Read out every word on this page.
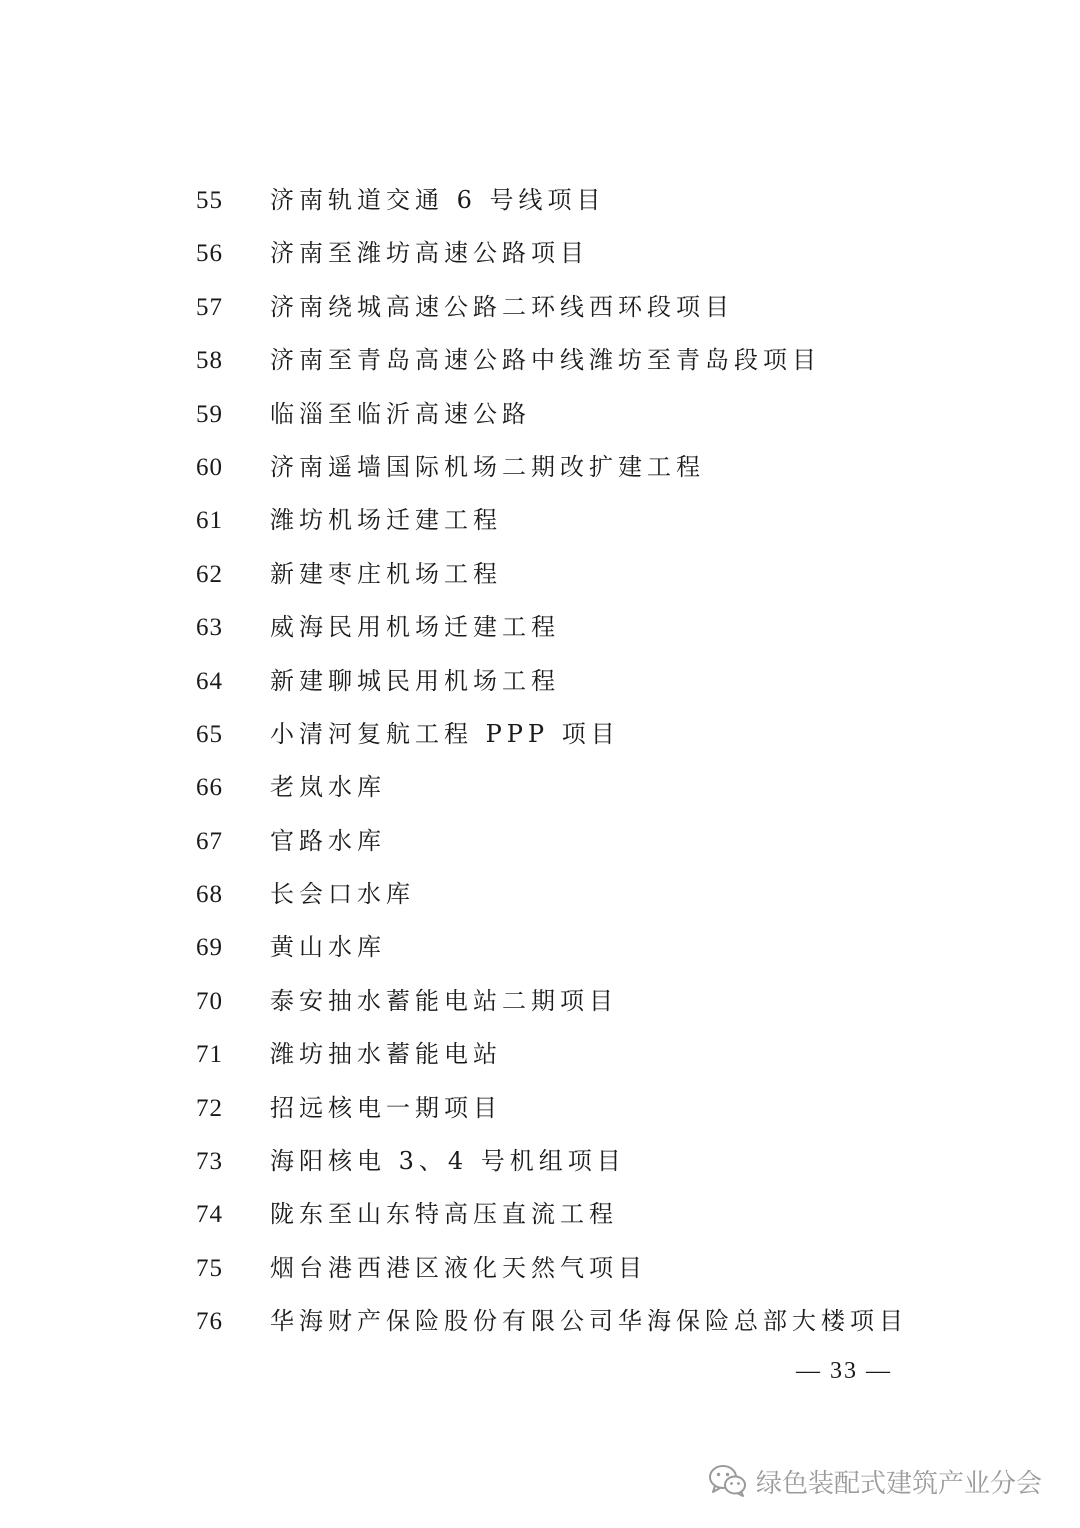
55 济南轨道交通 6 号线项目
56 济南至潍坊高速公路项目
57 济南绕城高速公路二环线西环段项目
58 济南至青岛高速公路中线潍坊至青岛段项目
59 临淄至临沂高速公路
60 济南遥墙国际机场二期改扩建工程
61 潍坊机场迁建工程
62 新建枣庄机场工程
63 威海民用机场迁建工程
64 新建聊城民用机场工程
65 小清河复航工程 PPP 项目
66 老岚水库
67 官路水库
68 长会口水库
69 黄山水库
70 泰安抽水蓄能电站二期项目
71 潍坊抽水蓄能电站
72 招远核电一期项目
73 海阳核电 3、4 号机组项目
74 陇东至山东特高压直流工程
75 烟台港西港区液化天然气项目
76 华海财产保险股份有限公司华海保险总部大楼项目
— 33 —
绿色装配式建筑产业分会
